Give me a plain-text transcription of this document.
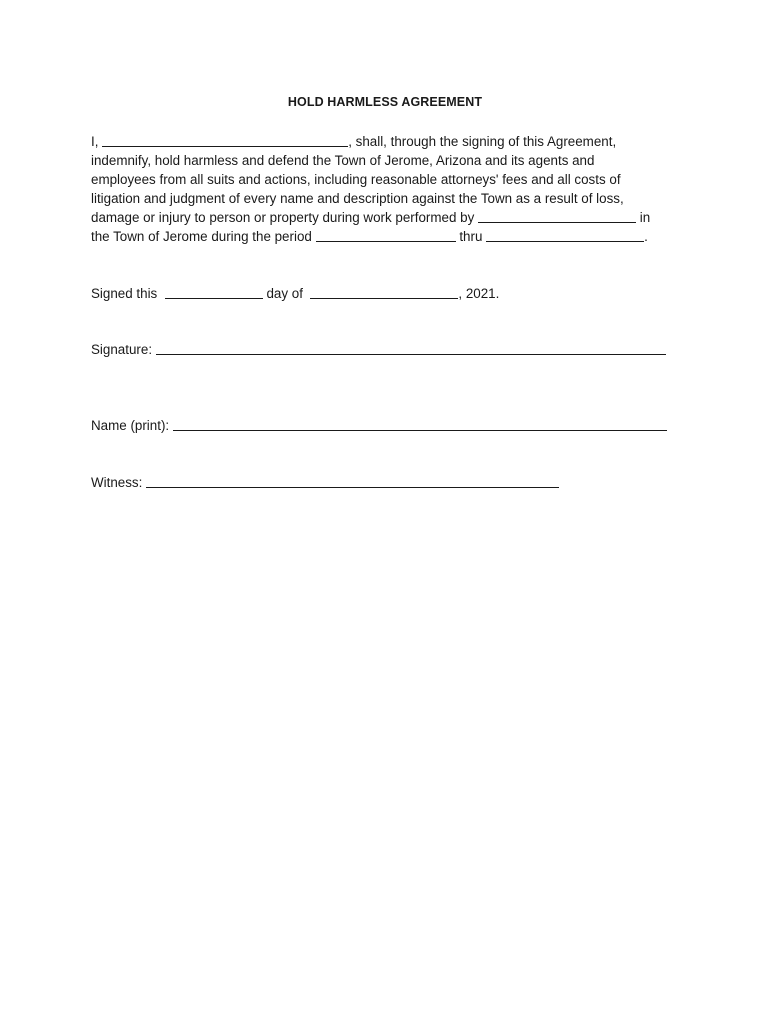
HOLD HARMLESS AGREEMENT
I,	, shall, through the signing of this Agreement,
indemnify, hold harmless and defend the Town of Jerome, Arizona and its agents and
employees from all suits and actions, including reasonable attorneys' fees and all costs of
litigation and judgment of every name and description against the Town as a result of loss,
damage or injury to person or property during work performed by	in
the Town of Jerome during the period	thru	.
Signed this	day of	, 2021.
Signature:
Name (print):
Witness:
